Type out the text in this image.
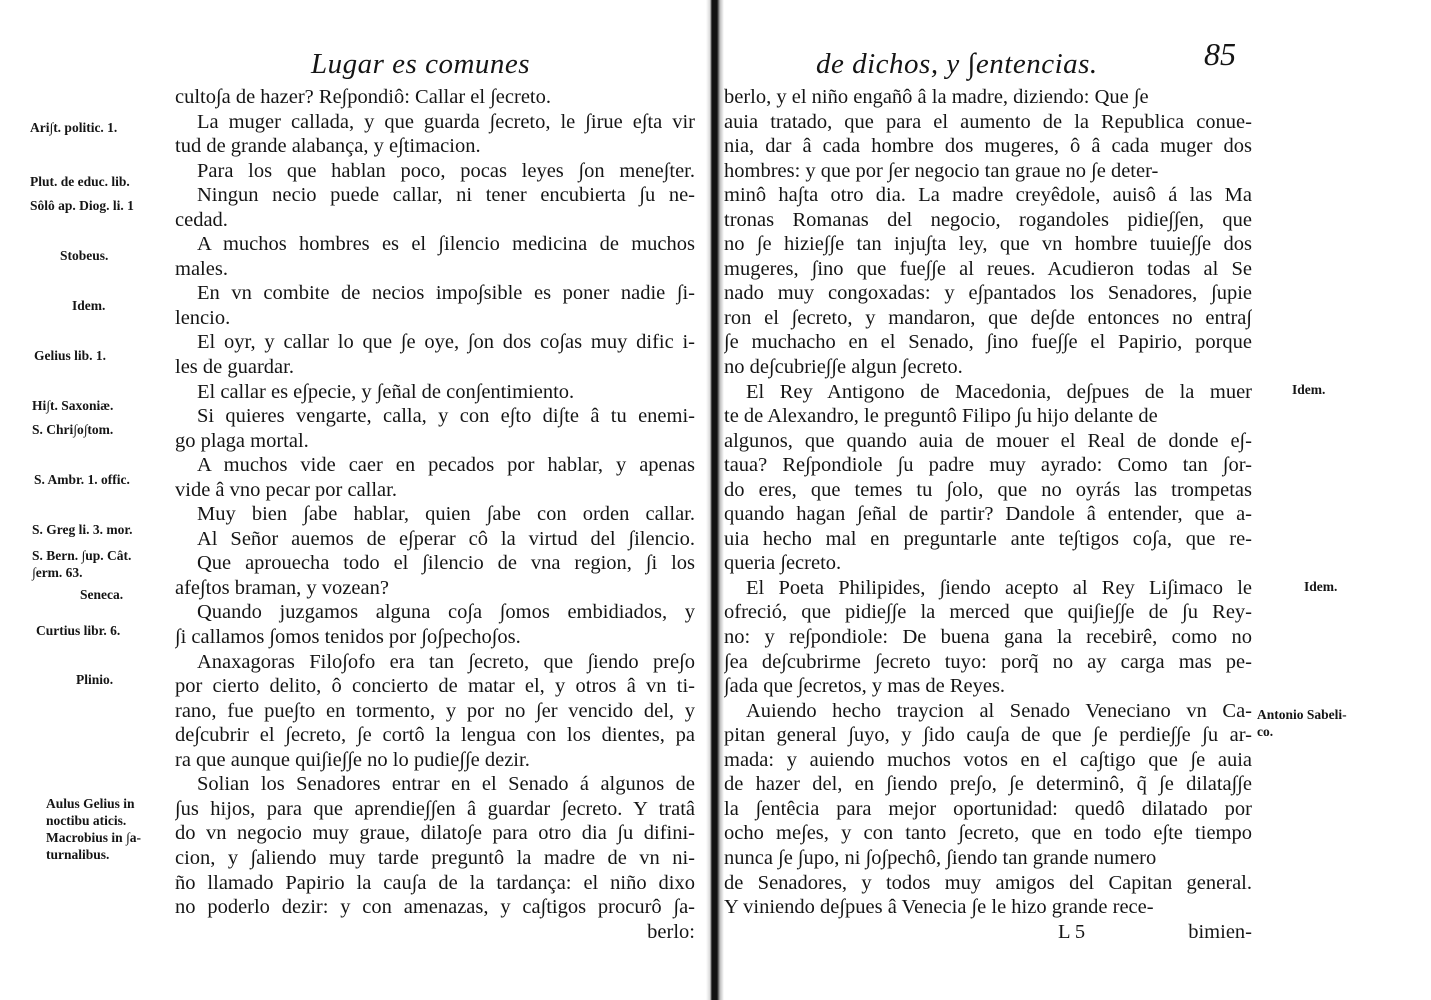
Lugar es comunes
culto∫a de hazer? Re∫pondiô: Callar el ∫ecreto.
La muger callada, y que guarda ∫ecreto, le ∫irue e∫ta vir
tud de grande alabança, y e∫timacion.
Para los que hablan poco, pocas leyes ∫on mene∫ter.
Ningun necio puede callar, ni tener encubierta ∫u ne-
cedad.
A muchos hombres es el ∫ilencio medicina de muchos
males.
En vn combite de necios impo∫sible es poner nadie ∫i-
lencio.
El oyr, y callar lo que ∫e oye, ∫on dos co∫as muy dific i-
les de guardar.
El callar es e∫pecie, y ∫eñal de con∫entimiento.
Si quieres vengarte, calla, y con e∫to di∫te â tu enemi-
go plaga mortal.
A muchos vide caer en pecados por hablar, y apenas
vide â vno pecar por callar.
Muy bien ∫abe hablar, quien ∫abe con orden callar.
Al Señor auemos de e∫perar cô la virtud del ∫ilencio.
Que aprouecha todo el ∫ilencio de vna region, ∫i los
afe∫tos braman, y vozean?
Quando juzgamos alguna co∫a ∫omos embidiados, y
∫i callamos ∫omos tenidos por ∫o∫pecho∫os.
Anaxagoras Filo∫ofo era tan ∫ecreto, que ∫iendo pre∫o
por cierto delito, ô concierto de matar el, y otros â vn ti-
rano, fue pue∫to en tormento, y por no ∫er vencido del, y
de∫cubrir el ∫ecreto, ∫e cortô la lengua con los dientes, pa
ra que aunque qui∫ie∫∫e no lo pudie∫∫e dezir.
Solian los Senadores entrar en el Senado á algunos de
∫us hijos, para que aprendie∫∫en â guardar ∫ecreto. Y tratâ
do vn negocio muy graue, dilato∫e para otro dia ∫u difini-
cion, y ∫aliendo muy tarde preguntô la madre de vn ni-
ño llamado Papirio la cau∫a de la tardança: el niño dixo
no poderlo dezir: y con amenazas, y ca∫tigos procurô ∫a-
berlo:
Ari∫t. politic. 1.
Plut. de educ. lib.
Sôlô ap. Diog. li. 1
Stobeus.
Idem.
Gelius lib. 1.
Hi∫t. Saxoniæ.
S. Chri∫o∫tom.
S. Ambr. 1. offic.
S. Greg li. 3. mor.
S. Bern. ∫up. Cât.
∫erm. 63.
Seneca.
Curtius libr. 6.
Plinio.
Aulus Gelius in
noctibu aticis.
Macrobius in ∫a-
turnalibus.
de dichos, y ∫entencias.	85
berlo, y el niño engañô â la madre, diziendo: Que ∫e
auia tratado, que para el aumento de la Republica conue-
nia, dar â cada hombre dos mugeres, ô â cada muger dos
hombres: y que por ∫er negocio tan graue no ∫e deter-
minô ha∫ta otro dia. La madre creyêdole, auisô á las Ma
tronas Romanas del negocio, rogandoles pidie∫∫en, que
no ∫e hizie∫∫e tan inju∫ta ley, que vn hombre tuuie∫∫e dos
mugeres, ∫ino que fue∫∫e al reues. Acudieron todas al Se
nado muy congoxadas: y e∫pantados los Senadores, ∫upie
ron el ∫ecreto, y mandaron, que de∫de entonces no entra∫
∫e muchacho en el Senado, ∫ino fue∫∫e el Papirio, porque
no de∫cubrie∫∫e algun ∫ecreto.
El Rey Antigono de Macedonia, de∫pues de la muer
te de Alexandro, le preguntô Filipo ∫u hijo delante de
algunos, que quando auia de mouer el Real de donde e∫-
taua? Re∫pondiole ∫u padre muy ayrado: Como tan ∫or-
do eres, que temes tu ∫olo, que no oyrás las trompetas
quando hagan ∫eñal de partir? Dandole â entender, que a-
uia hecho mal en preguntarle ante te∫tigos co∫a, que re-
queria ∫ecreto.
El Poeta Philipides, ∫iendo acepto al Rey Li∫imaco le
ofreció, que pidie∫∫e la merced que qui∫ie∫∫e de ∫u Rey-
no: y re∫pondiole: De buena gana la recebirê, como no
∫ea de∫cubrirme ∫ecreto tuyo: porq̃ no ay carga mas pe-
∫ada que ∫ecretos, y mas de Reyes.
Auiendo hecho traycion al Senado Veneciano vn Ca-
pitan general ∫uyo, y ∫ido cau∫a de que ∫e perdie∫∫e ∫u ar-
mada: y auiendo muchos votos en el ca∫tigo que ∫e auia
de hazer del, en ∫iendo pre∫o, ∫e determinô, q̃ ∫e dilata∫∫e
la ∫entêcia para mejor oportunidad: quedô dilatado por
ocho me∫es, y con tanto ∫ecreto, que en todo e∫te tiempo
nunca ∫e ∫upo, ni ∫o∫pechô, ∫iendo tan grande numero
de Senadores, y todos muy amigos del Capitan general.
Y viniendo de∫pues â Venecia ∫e le hizo grande rece-
L 5	bimien-
Idem.
Idem.
Antonio Sabeli-
co.
